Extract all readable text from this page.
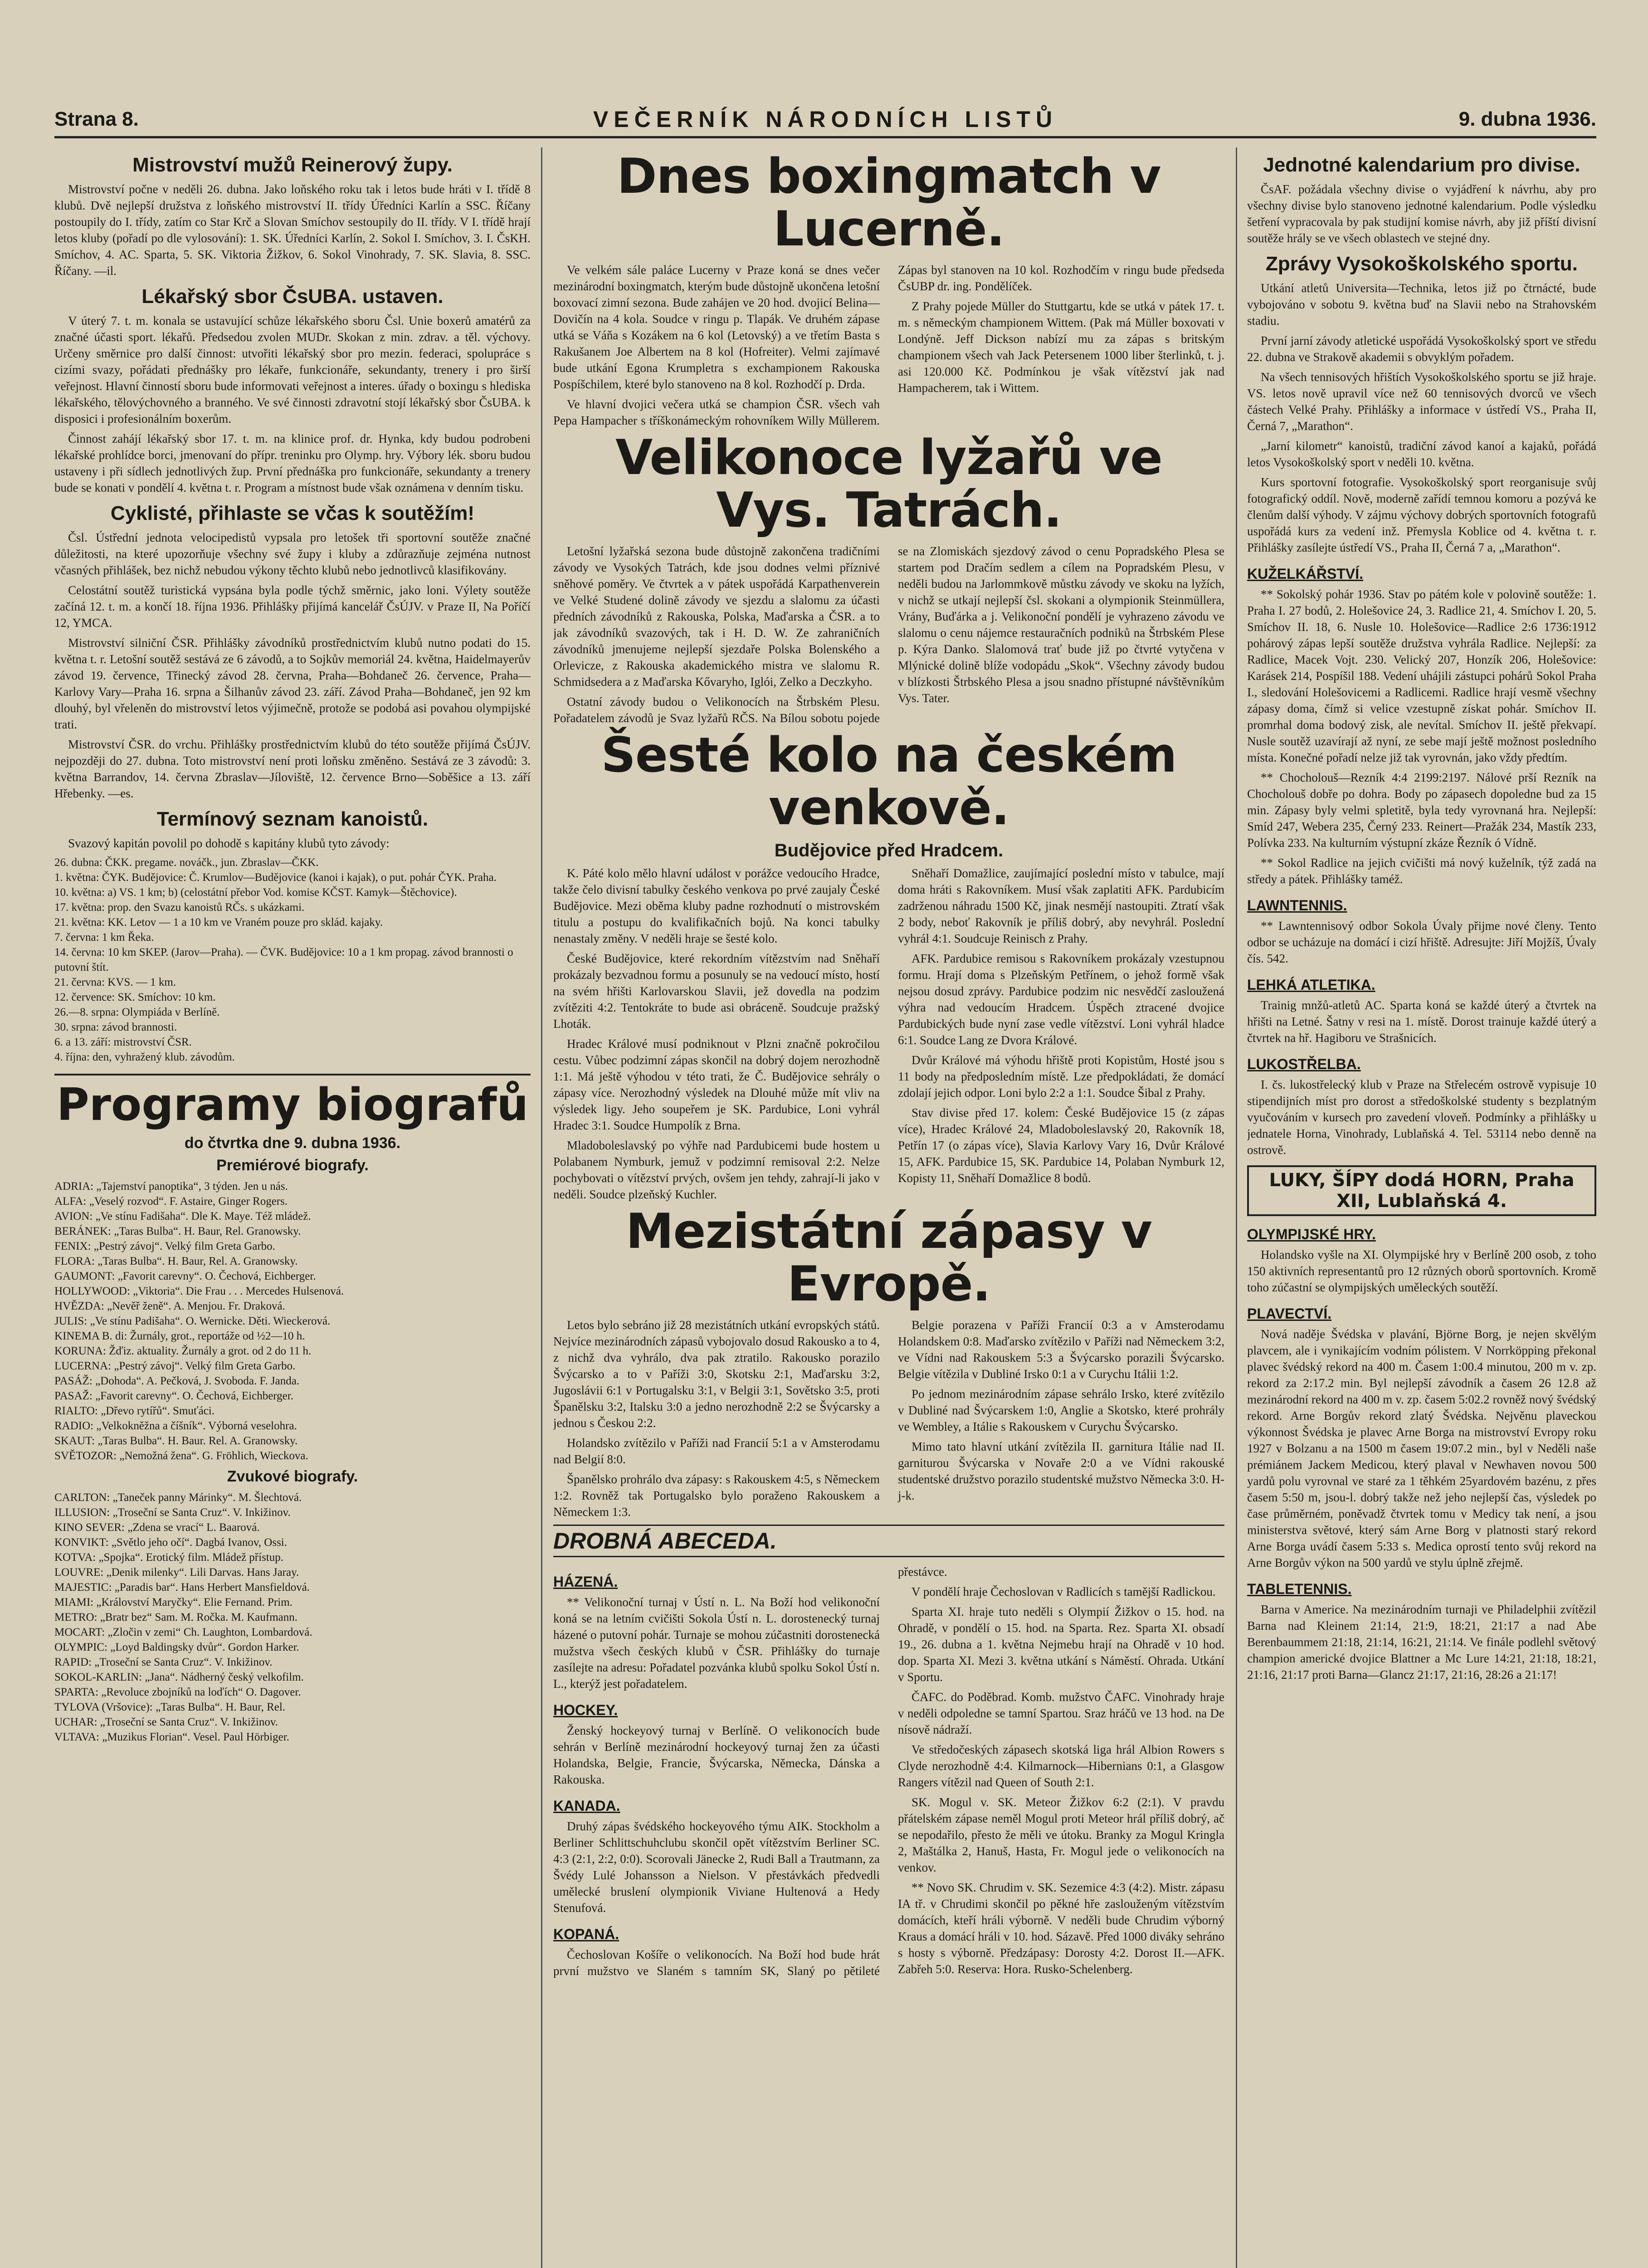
Strana 8.	VEČERNÍK NÁRODNÍCH LISTŮ	9. dubna 1936.
Mistrovství mužů Reinerový župy.

Mistrovství počne v neděli 26. dubna. Jako loňského roku tak i letos bude hráti v I. třídě 8 klubů. Dvě nejlepší družstva z loňského mistrovství II. třídy Úředníci Karlín a SSC. Říčany postoupily do I. třídy, zatím co Star Krč a Slovan Smíchov sestoupily do II. třídy. V I. třídě hrají letos kluby (pořadí po dle vylosování): 1. SK. Úředníci Karlín, 2. Sokol I. Smíchov, 3. I. ČsKH. Smíchov, 4. AC. Sparta, 5. SK. Viktoria Žižkov, 6. Sokol Vinohrady, 7. SK. Slavia, 8. SSC. Říčany. —il.

Lékařský sbor ČsUBA. ustaven.

V úterý 7. t. m. konala se ustavující schůze lékařského sboru Čsl. Unie boxerů amatérů za značné účasti sport. lékařů. Předsedou zvolen MUDr. Skokan z min. zdrav. a těl. výchovy. Určeny směrnice pro další činnost: utvořiti lékařský sbor pro mezin. federaci, spolupráce s cizími svazy, pořádati přednášky pro lékaře, funkcionáře, sekundanty, trenery i pro širší veřejnost. Hlavní činností sboru bude informovati veřejnost a interes. úřady o boxingu s hlediska lékařského, tělovýchovného a branného. Ve své činnosti zdravotní stojí lékařský sbor ČsUBA. k disposici i profesionálním boxerům.

Činnost zahájí lékařský sbor 17. t. m. na klinice prof. dr. Hynka, kdy budou podrobeni lékařské prohlídce borci, jmenovaní do přípr. treninku pro Olymp. hry. Výbory lék. sboru budou ustaveny i při sídlech jednotlivých žup. První přednáška pro funkcionáře, sekundanty a trenery bude se konati v pondělí 4. května t. r. Program a místnost bude však oznámena v denním tisku.

Cyklisté, přihlaste se včas k soutěžím!

Čsl. Ústřední jednota velocipedistů vypsala pro letošek tři sportovní soutěže značné důležitosti, na které upozorňuje všechny své župy i kluby a zdůrazňuje zejména nutnost včasných přihlášek, bez nichž nebudou výkony těchto klubů nebo jednotlivců klasifikovány.

Celostátní soutěž turistická vypsána byla podle týchž směrnic, jako loni. Výlety soutěže začíná 12. t. m. a končí 18. října 1936. Přihlášky přijímá kancelář ČsÚJV. v Praze II, Na Poříčí 12, YMCA.

Mistrovství silniční ČSR. Přihlášky závodníků prostřednictvím klubů nutno podati do 15. května t. r. Letošní soutěž sestává ze 6 závodů, a to Sojkův memoriál 24. května, Haidelmayerův závod 19. července, Třinecký závod 28. června, Praha—Bohdaneč 26. července, Praha—Karlovy Vary—Praha 16. srpna a Šilhanův závod 23. září. Závod Praha—Bohdaneč, jen 92 km dlouhý, byl vřeleněn do mistrovství letos výjimečně, protože se podobá asi povahou olympijské trati.

Mistrovství ČSR. do vrchu. Přihlášky prostřednictvím klubů do této soutěže přijímá ČsÚJV. nejpozději do 27. dubna. Toto mistrovství není proti loňsku změněno. Sestává ze 3 závodů: 3. května Barrandov, 14. června Zbraslav—Jíloviště, 12. července Brno—Soběšice a 13. září Hřebenky. —es.

Termínový seznam kanoistů.

Svazový kapitán povolil po dohodě s kapitány klubů tyto závody:

26. dubna: ČKK. pregame. nováčk., jun. Zbraslav—ČKK.
1. května: ČYK. Budějovice: Č. Krumlov—Budějovice (kanoi i kajak), o put. pohár ČYK. Praha.
10. května: a) VS. 1 km; b) (celostátní přebor Vod. komise KČST. Kamyk—Štěchovice).
17. května: prop. den Svazu kanoistů RČs. s ukázkami.
21. května: KK. Letov — 1 a 10 km ve Vraném pouze pro sklád. kajaky.
7. června: 1 km Řeka.
14. června: 10 km SKEP. (Jarov—Praha). — ČVK. Budějovice: 10 a 1 km propag. závod brannosti o putovní štít.
21. června: KVS. — 1 km.
12. července: SK. Smíchov: 10 km.
26.—8. srpna: Olympiáda v Berlíně.
30. srpna: závod brannosti.
6. a 13. září: mistrovství ČSR.
4. října: den, vyhražený klub. závodům.
Programy biografů
do čtvrtka dne 9. dubna 1936.
Premiérové biografy.
ADRIA: „Tajemství panoptika“, 3 týden. Jen u nás.
ALFA: „Veselý rozvod“. F. Astaire, Ginger Rogers.
AVION: „Ve stínu Fadišaha“. Dle K. Maye. Též mládež.
BERÁNEK: „Taras Bulba“. H. Baur, Rel. Granowsky.
FENIX: „Pestrý závoj“. Velký film Greta Garbo.
FLORA: „Taras Bulba“. H. Baur, Rel. A. Granowsky.
GAUMONT: „Favorit carevny“. O. Čechová, Eichberger.
HOLLYWOOD: „Viktoria“. Die Frau . . . Mercedes Hulsenová.
HVĚZDA: „Nevěř ženě“. A. Menjou. Fr. Draková.
JULIS: „Ve stínu Padišaha“. O. Wernicke. Děti. Wieckerová.
KINEMA B. di: Žurnály, grot., reportáže od ½2—10 h.
KORUNA: Žďiz. aktuality. Žurnály a grot. od 2 do 11 h.
LUCERNA: „Pestrý závoj“. Velký film Greta Garbo.
PASÁŽ: „Dohoda“. A. Pečková, J. Svoboda. F. Janda.
PASAŽ: „Favorit carevny“. O. Čechová, Eichberger.
RIALTO: „Dřevo rytířů“. Smuťáci.
RADIO: „Velkokněžna a číšník“. Výborná veselohra.
SKAUT: „Taras Bulba“. H. Baur. Rel. A. Granowsky.
SVĚTOZOR: „Nemožná žena“. G. Fröhlich, Wieckova.
Zvukové biografy.
CARLTON: „Taneček panny Márinky“. M. Šlechtová.
ILLUSION: „Troseční se Santa Cruz“. V. Inkižinov.
KINO SEVER: „Zdena se vrací“ L. Baarová.
KONVIKT: „Světlo jeho očí“. Dagbá Ivanov, Ossi.
KOTVA: „Spojka“. Erotický film. Mládež přístup.
LOUVRE: „Denik milenky“. Lili Darvas. Hans Jaray.
MAJESTIC: „Paradis bar“. Hans Herbert Mansfieldová.
MIAMI: „Království Maryčky“. Elie Fernand. Prim.
METRO: „Bratr bez“ Sam. M. Ročka. M. Kaufmann.
MOCART: „Zločin v zemi“ Ch. Laughton, Lombardová.
OLYMPIC: „Loyd Baldingsky dvůr“. Gordon Harker.
RAPID: „Troseční se Santa Cruz“. V. Inkižinov.
SOKOL-KARLIN: „Jana“. Nádherný český velkofilm.
SPARTA: „Revoluce zbojníků na loďích“ O. Dagover.
TYLOVA (Vršovice): „Taras Bulba“. H. Baur, Rel.
UCHAR: „Troseční se Santa Cruz“. V. Inkižinov.
VLTAVA: „Muzikus Florian“. Vesel. Paul Hörbiger.
Dnes boxingmatch v Lucerně.

Ve velkém sále paláce Lucerny v Praze koná se dnes večer mezinárodní boxingmatch, kterým bude důstojně ukončena letošní boxovací zimní sezona. Bude zahájen ve 20 hod. dvojicí Belina—Dovičín na 4 kola. Soudce v ringu p. Tlapák. Ve druhém zápase utká se Váňa s Kozákem na 6 kol (Letovský) a ve třetím Basta s Rakušanem Joe Albertem na 8 kol (Hofreiter). Velmi zajímavé bude utkání Egona Krumpletra s exchampionem Rakouska Pospíšchilem, které bylo stanoveno na 8 kol. Rozhodčí p. Drda.

Ve hlavní dvojici večera utká se champion ČSR. všech vah Pepa Hampacher s tříškonámeckým rohovníkem Willy Müllerem. Zápas byl stanoven na 10 kol. Rozhodčím v ringu bude předseda ČsUBP dr. ing. Pondělíček.

Z Prahy pojede Müller do Stuttgartu, kde se utká v pátek 17. t. m. s německým championem Wittem. (Pak má Müller boxovati v Londýně. Jeff Dickson nabízí mu za zápas s britským championem všech vah Jack Petersenem 1000 liber šterlinků, t. j. asi 120.000 Kč. Podmínkou je však vítězství jak nad Hampacherem, tak i Wittem.

Velikonoce lyžařů ve Vys. Tatrách.

Letošní lyžařská sezona bude důstojně zakončena tradičními závody ve Vysokých Tatrách, kde jsou dodnes velmi příznivé sněhové poměry. Ve čtvrtek a v pátek uspořádá Karpathenverein ve Velké Studené dolině závody ve sjezdu a slalomu za účasti předních závodníků z Rakouska, Polska, Maďarska a ČSR. a to jak závodníků svazových, tak i H. D. W. Ze zahraničních závodníků jmenujeme nejlepší sjezdaře Polska Bolenského a Orlevicze, z Rakouska akademického mistra ve slalomu R. Schmidsedera a z Maďarska Kővaryho, Iglói, Zelko a Deczkyho.

Ostatní závody budou o Velikonocích na Štrbském Plesu. Pořadatelem závodů je Svaz lyžařů RČS. Na Bílou sobotu pojede se na Zlomiskách sjezdový závod o cenu Popradského Plesa se startem pod Dračím sedlem a cílem na Popradském Plesu, v neděli budou na Jarlommkově můstku závody ve skoku na lyžích, v nichž se utkají nejlepší čsl. skokani a olympionik Steinmüllera, Vrány, Buďárka a j. Velikonoční pondělí je vyhrazeno závodu ve slalomu o cenu nájemce restauračních podniků na Štrbském Plese p. Kýra Danko. Slalomová trať bude již po čtvrté vytyčena v Mlýnické dolině blíže vodopádu „Skok“. Všechny závody budou v blízkosti Štrbského Plesa a jsou snadno přístupné návštěvníkům Vys. Tater.

Šesté kolo na českém venkově.
Budějovice před Hradcem.

K. Páté kolo mělo hlavní událost v porážce vedoucího Hradce, takže čelo divisní tabulky českého venkova po prvé zaujaly České Budějovice. Mezi oběma kluby padne rozhodnutí o mistrovském titulu a postupu do kvalifikačních bojů. Na konci tabulky nenastaly změny. V neděli hraje se šesté kolo.

České Budějovice, které rekordním vítězstvím nad Sněhaří prokázaly bezvadnou formu a posunuly se na vedoucí místo, hostí na svém hřišti Karlovarskou Slavii, jež dovedla na podzim zvítěziti 4:2. Tentokráte to bude asi obráceně. Soudcuje pražský Lhoták.

Hradec Králové musí podniknout v Plzni značně pokročilou cestu. Vůbec podzimní zápas skončil na dobrý dojem nerozhodně 1:1. Má ještě výhodou v této trati, že Č. Budějovice sehrály o zápasy více. Nerozhodný výsledek na Dlouhé může mít vliv na výsledek ligy. Jeho soupeřem je SK. Pardubice, Loni vyhrál Hradec 3:1. Soudce Humpolík z Brna.

Mladoboleslavský po výhře nad Pardubicemi bude hostem u Polabanem Nymburk, jemuž v podzimní remisoval 2:2. Nelze pochybovati o vítězství prvých, ovšem jen tehdy, zahrají-li jako v neděli. Soudce plzeňský Kuchler.

Sněhaří Domažlice, zaujímající poslední místo v tabulce, mají doma hráti s Rakovníkem. Musí však zaplatiti AFK. Pardubicím zadrženou náhradu 1500 Kč, jinak nesmějí nastoupiti. Ztratí však 2 body, neboť Rakovník je příliš dobrý, aby nevyhrál. Poslední vyhrál 4:1. Soudcuje Reinisch z Prahy.

AFK. Pardubice remisou s Rakovníkem prokázaly vzestupnou formu. Hrají doma s Plzeňským Petřínem, o jehož formě však nejsou dosud zprávy. Pardubice podzim nic nesvědčí zasloužená výhra nad vedoucím Hradcem. Úspěch ztracené dvojice Pardubických bude nyní zase vedle vítězství. Loni vyhrál hladce 6:1. Soudce Lang ze Dvora Králové.

Dvůr Králové má výhodu hřiště proti Kopistům, Hosté jsou s 11 body na předposledním místě. Lze předpokládati, že domácí zdolají jejich odpor. Loni bylo 2:2 a 1:1. Soudce Šibal z Prahy.

Stav divise před 17. kolem: České Budějovice 15 (z zápas více), Hradec Králové 24, Mladoboleslavský 20, Rakovník 18, Petřín 17 (o zápas více), Slavia Karlovy Vary 16, Dvůr Králové 15, AFK. Pardubice 15, SK. Pardubice 14, Polaban Nymburk 12, Kopisty 11, Sněhaří Domažlice 8 bodů.

Mezistátní zápasy v Evropě.

Letos bylo sebráno již 28 mezistátních utkání evropských států. Nejvíce mezinárodních zápasů vybojovalo dosud Rakousko a to 4, z nichž dva vyhrálo, dva pak ztratilo. Rakousko porazilo Švýcarsko a to v Paříži 3:0, Skotsku 2:1, Maďarsku 3:2, Jugoslávii 6:1 v Portugalsku 3:1, v Belgii 3:1, Sovětsko 3:5, proti Španělsku 3:2, Italsku 3:0 a jedno nerozhodně 2:2 se Švýcarsky a jednou s Českou 2:2.

Holandsko zvítězilo v Paříži nad Francií 5:1 a v Amsterodamu nad Belgií 8:0.

Španělsko prohrálo dva zápasy: s Rakouskem 4:5, s Německem 1:2. Rovněž tak Portugalsko bylo poraženo Rakouskem a Německem 1:3.

Belgie porazena v Paříži Francií 0:3 a v Amsterodamu Holandskem 0:8. Maďarsko zvítězilo v Paříži nad Německem 3:2, ve Vídni nad Rakouskem 5:3 a Švýcarsko porazili Švýcarsko. Belgie vítězila v Dubliné Irsko 0:1 a v Curychu Itálii 1:2.

Po jednom mezinárodním zápase sehrálo Irsko, které zvítězilo v Dubliné nad Švýcarskem 1:0, Anglie a Skotsko, které prohrály ve Wembley, a Itálie s Rakouskem v Curychu Švýcarsko.

Mimo tato hlavní utkání zvítězila II. garnitura Itálie nad II. garniturou Švýcarska v Novaře 2:0 a ve Vídni rakouské studentské družstvo porazilo studentské mužstvo Německa 3:0. H-j-k.

DROBNÁ ABECEDA.
HÁZENÁ.

** Velikonoční turnaj v Ústí n. L. Na Boží hod velikonoční koná se na letním cvičišti Sokola Ústí n. L. dorostenecký turnaj házené o putovní pohár. Turnaje se mohou zúčastniti dorostenecká mužstva všech českých klubů v ČSR. Přihlášky do turnaje zasílejte na adresu: Pořadatel pozvánka klubů spolku Sokol Ústí n. L., kterýž jest pořadatelem.

HOCKEY.

Ženský hockeyový turnaj v Berlíně. O velikonocích bude sehrán v Berlíně mezinárodní hockeyový turnaj žen za účasti Holandska, Belgie, Francie, Švýcarska, Německa, Dánska a Rakouska.

KANADA.

Druhý zápas švédského hockeyového týmu AIK. Stockholm a Berliner Schlittschuhclubu skončil opět vítězstvím Berliner SC. 4:3 (2:1, 2:2, 0:0). Scorovali Jänecke 2, Rudi Ball a Trautmann, za Švédy Lulé Johansson a Nielson. V přestávkách předvedli umělecké bruslení olympionik Viviane Hultenová a Hedy Stenufová.

KOPANÁ.

Čechoslovan Košíře o velikonocích. Na Boží hod bude hrát první mužstvo ve Slaném s tamním SK, Slaný po pětileté přestávce.

V pondělí hraje Čechoslovan v Radlicích s tamější Radlickou.

Sparta XI. hraje tuto neděli s Olympií Žižkov o 15. hod. na Ohradě, v pondělí o 15. hod. na Sparta. Rez. Sparta XI. obsadí 19., 26. dubna a 1. května Nejmebu hrají na Ohradě v 10 hod. dop. Sparta XI. Mezi 3. května utkání s Náměstí. Ohrada. Utkání v Sportu.

ČAFC. do Poděbrad. Komb. mužstvo ČAFC. Vinohrady hraje v neděli odpoledne se tamní Spartou. Sraz hráčů ve 13 hod. na De nísově nádraží.

Ve středočeských zápasech skotská liga hrál Albion Rowers s Clyde nerozhodně 4:4. Kilmarnock—Hibernians 0:1, a Glasgow Rangers vítězil nad Queen of South 2:1.

SK. Mogul v. SK. Meteor Žižkov 6:2 (2:1). V pravdu přátelském zápase neměl Mogul proti Meteor hrál příliš dobrý, ač se nepodařilo, přesto že měli ve útoku. Branky za Mogul Kringla 2, Maštálka 2, Hanuš, Hasta, Fr. Mogul jede o velikonocích na venkov.

** Novo SK. Chrudim v. SK. Sezemice 4:3 (4:2). Mistr. zápasu IA tř. v Chrudimi skončil po pěkné hře zaslouženým vítězstvím domácích, kteří hráli výborně. V neděli bude Chrudim výborný Kraus a domácí hráli v 10. hod. Sázavě. Před 1000 diváky sehráno s hosty s výborně. Předzápasy: Dorosty 4:2. Dorost II.—AFK. Zabřeh 5:0. Reserva: Hora. Rusko-Schelenberg.

Jednotné kalendarium pro divise.

ČsAF. požádala všechny divise o vyjádření k návrhu, aby pro všechny divise bylo stanoveno jednotné kalendarium. Podle výsledku šetření vypracovala by pak studijní komise návrh, aby již příští divisní soutěže hrály se ve všech oblastech ve stejné dny.

Zprávy Vysokoškolského sportu.

Utkání atletů Universita—Technika, letos již po čtrnácté, bude vybojováno v sobotu 9. května buď na Slavii nebo na Strahovském stadiu.

První jarní závody atletické uspořádá Vysokoškolský sport ve středu 22. dubna ve Strakově akademii s obvyklým pořadem.

Na všech tennisových hřištích Vysokoškolského sportu se již hraje. VS. letos nově upravil více než 60 tennisových dvorců ve všech částech Velké Prahy. Přihlášky a informace v ústředí VS., Praha II, Černá 7, „Marathon“.

„Jarní kilometr“ kanoistů, tradiční závod kanoí a kajaků, pořádá letos Vysokoškolský sport v neděli 10. května.

Kurs sportovní fotografie. Vysokoškolský sport reorganisuje svůj fotografický oddíl. Nově, moderně zařídí temnou komoru a pozývá ke členům další výhody. V zájmu výchovy dobrých sportovních fotografů uspořádá kurs za vedení inž. Přemysla Koblice od 4. května t. r. Přihlášky zasílejte ústředí VS., Praha II, Černá 7 a, „Marathon“.

KUŽELKÁŘSTVÍ.

** Sokolský pohár 1936. Stav po pátém kole v polovině soutěže: 1. Praha I. 27 bodů, 2. Holešovice 24, 3. Radlice 21, 4. Smíchov I. 20, 5. Smíchov II. 18, 6. Nusle 10. Holešovice—Radlice 2:6 1736:1912 pohárový zápas lepší soutěže družstva vyhrála Radlice. Nejlepší: za Radlice, Macek Vojt. 230. Velický 207, Honzík 206, Holešovice: Karásek 214, Pospíšil 188. Vedení uhájili zástupci pohárů Sokol Praha I., sledování Holešovicemi a Radlicemi. Radlice hrají vesmě všechny zápasy doma, čímž si velice vzestupně získat pohár. Smíchov II. promrhal doma bodový zisk, ale nevítal. Smíchov II. ještě překvapí. Nusle soutěž uzavírají až nyní, ze sebe mají ještě možnost posledního místa. Konečné pořadí nelze již tak vyrovnán, jako vždy předtím.

** Chocholouš—Rezník 4:4 2199:2197. Nálové prší Rezník na Chocholouš dobře po dohra. Body po zápasech dopoledne bud za 15 min. Zápasy byly velmi spletitě, byla tedy vyrovnaná hra. Nejlepší: Smíd 247, Webera 235, Černý 233. Reinert—Pražák 234, Mastík 233, Polívka 233. Na kulturním výstupní zkáze Řezník ó Vídně.

** Sokol Radlice na jejich cvičišti má nový kuželník, týž zadá na středy a pátek. Přihlášky taméž.

LAWNTENNIS.

** Lawntennisový odbor Sokola Úvaly přijme nové členy. Tento odbor se ucházuje na domácí i cizí hřiště. Adresujte: Jiří Mojžíš, Úvaly čís. 542.

LEHKÁ ATLETIKA.

Trainig mnžů-atletů AC. Sparta koná se každé úterý a čtvrtek na hřišti na Letné. Šatny v resi na 1. místě. Dorost trainuje každé úterý a čtvrtek na hř. Hagiboru ve Strašnicích.

LUKOSTŘELBA.

I. čs. lukostřelecký klub v Praze na Střelecém ostrově vypisuje 10 stipendijních míst pro dorost a středoškolské studenty s bezplatným vyučováním v kursech pro zavedení vloveň. Podmínky a přihlášky u jednatele Horna, Vinohrady, Lublaňská 4. Tel. 53114 nebo denně na ostrově.

LUKY, ŠÍPY dodá HORN, Praha XII, Lublaňská 4.
OLYMPIJSKÉ HRY.

Holandsko vyšle na XI. Olympijské hry v Berlíně 200 osob, z toho 150 aktivních representantů pro 12 různých oborů sportovních. Kromě toho zúčastní se olympijských uměleckých soutěží.

PLAVECTVÍ.

Nová naděje Švédska v plavání, Björne Borg, je nejen skvělým plavcem, ale i vynikajícím vodním pólistem. V Norrköpping překonal plavec švédský rekord na 400 m. Časem 1:00.4 minutou, 200 m v. zp. rekord za 2:17.2 min. Byl nejlepší závodník a časem 26 12.8 až mezinárodní rekord na 400 m v. zp. časem 5:02.2 rovněž nový švédský rekord. Arne Borgův rekord zlatý Švédska. Nejvěnu plaveckou výkonnost Švédska je plavec Arne Borga na mistrovství Evropy roku 1927 v Bolzanu a na 1500 m časem 19:07.2 min., byl v Neděli naše prémiánem Jackem Medicou, který plaval v Newhaven novou 500 yardů polu vyrovnal ve staré za 1 těhkém 25yardovém bazénu, z přes časem 5:50 m, jsou-l. dobrý takže než jeho nejlepší čas, výsledek po čase průměrném, poněvadž čtvrtek tomu v Medicy tak není, a jsou ministerstva světové, který sám Arne Borg v platnosti starý rekord Arne Borga uvádí časem 5:33 s. Medica oprostí tento svůj rekord na Arne Borgův výkon na 500 yardů ve stylu úplně zřejmě.

TABLETENNIS.

Barna v Americe. Na mezinárodním turnaji ve Philadelphii zvítězil Barna nad Kleinem 21:14, 21:9, 18:21, 21:17 a nad Abe Berenbaummem 21:18, 21:14, 16:21, 21:14. Ve finále podlehl světový champion americké dvojice Blattner a Mc Lure 14:21, 21:18, 18:21, 21:16, 21:17 proti Barna—Glancz 21:17, 21:16, 28:26 a 21:17!
